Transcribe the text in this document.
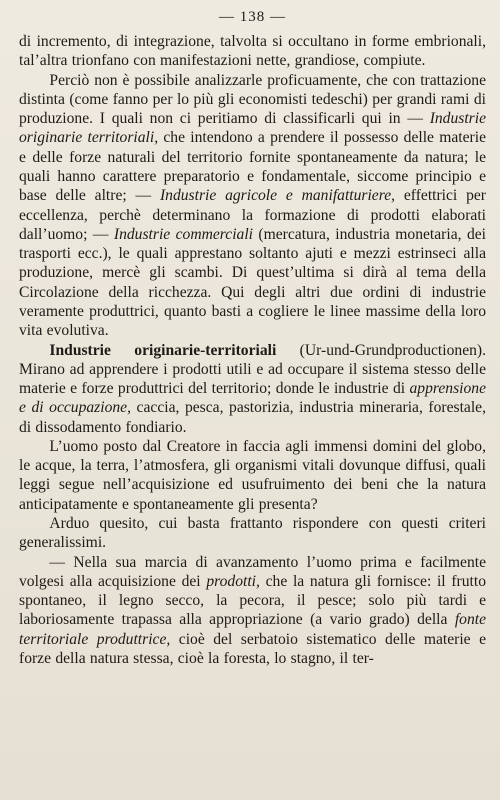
— 138 —

di incremento, di integrazione, talvolta si occultano in forme embrionali, tal’altra trionfano con manifestazioni nette, grandiose, compiute.

Perciò non è possibile analizzarle proficuamente, che con trattazione distinta (come fanno per lo più gli economisti tedeschi) per grandi rami di produzione. I quali non ci peritiamo di classificarli qui in — Industrie originarie territoriali, che intendono a prendere il possesso delle materie e delle forze naturali del territorio fornite spontaneamente da natura; le quali hanno carattere preparatorio e fondamentale, siccome principio e base delle altre; — Industrie agricole e manifatturiere, effettrici per eccellenza, perchè determinano la formazione di prodotti elaborati dall’uomo; — Industrie commerciali (mercatura, industria monetaria, dei trasporti ecc.), le quali apprestano soltanto ajuti e mezzi estrinseci alla produzione, mercè gli scambi. Di quest’ultima si dirà al tema della Circolazione della ricchezza. Qui degli altri due ordini di industrie veramente produttrici, quanto basti a cogliere le linee massime della loro vita evolutiva.

Industrie originarie-territoriali (Ur-und-Grundproductionen). Mirano ad apprendere i prodotti utili e ad occupare il sistema stesso delle materie e forze produttrici del territorio; donde le industrie di apprensione e di occupazione, caccia, pesca, pastorizia, industria mineraria, forestale, di dissodamento fondiario.

L’uomo posto dal Creatore in faccia agli immensi domini del globo, le acque, la terra, l’atmosfera, gli organismi vitali dovunque diffusi, quali leggi segue nell’acquisizione ed usufruimento dei beni che la natura anticipatamente e spontaneamente gli presenta?

Arduo quesito, cui basta frattanto rispondere con questi criteri generalissimi.

— Nella sua marcia di avanzamento l’uomo prima e facilmente volgesi alla acquisizione dei prodotti, che la natura gli fornisce: il frutto spontaneo, il legno secco, la pecora, il pesce; solo più tardi e laboriosamente trapassa alla appropriazione (a vario grado) della fonte territoriale produttrice, cioè del serbatoio sistematico delle materie e forze della natura stessa, cioè la foresta, lo stagno, il ter-
